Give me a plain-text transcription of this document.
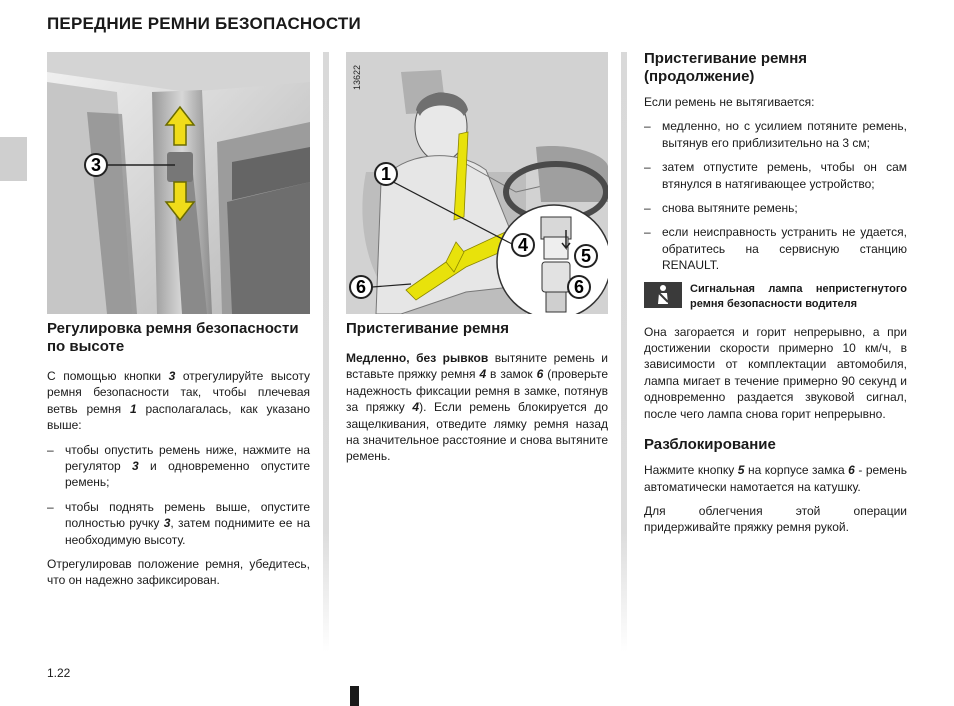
ПЕРЕДНИЕ РЕМНИ БЕЗОПАСНОСТИ
3	1
6
4
5
6
13622
Регулировка ремня безопасности по высоте

С помощью кнопки 3 отрегулируйте высоту ремня безопасности так, чтобы плечевая ветвь ремня 1 располагалась, как указано выше:

– чтобы опустить ремень ниже, нажмите на регулятор 3 и одновременно опустите ремень;
– чтобы поднять ремень выше, опустите полностью ручку 3, затем поднимите ее на необходимую высоту.

Отрегулировав положение ремня, убедитесь, что он надежно зафиксирован.

Пристегивание ремня

Медленно, без рывков вытяните ремень и вставьте пряжку ремня 4 в замок 6 (проверьте надежность фиксации ремня в замке, потянув за пряжку 4). Если ремень блокируется до защелкивания, отведите лямку ремня назад на значительное расстояние и снова вытяните ремень.

Пристегивание ремня (продолжение)

Если ремень не вытягивается:

– медленно, но с усилием потяните ремень, вытянув его приблизительно на 3 см;
– затем отпустите ремень, чтобы он сам втянулся в натягивающее устройство;
– снова вытяните ремень;
– если неисправность устранить не удается, обратитесь на сервисную станцию RENAULT.
Сигнальная лампа непристегнутого ремня безопасности водителя

Она загорается и горит непрерывно, а при достижении скорости примерно 10 км/ч, в зависимости от комплектации автомобиля, лампа мигает в течение примерно 90 секунд и одновременно раздается звуковой сигнал, после чего лампа снова горит непрерывно.

Разблокирование

Нажмите кнопку 5 на корпусе замка 6 - ремень автоматически намотается на катушку.

Для облегчения этой операции придерживайте пряжку ремня рукой.

1.22
